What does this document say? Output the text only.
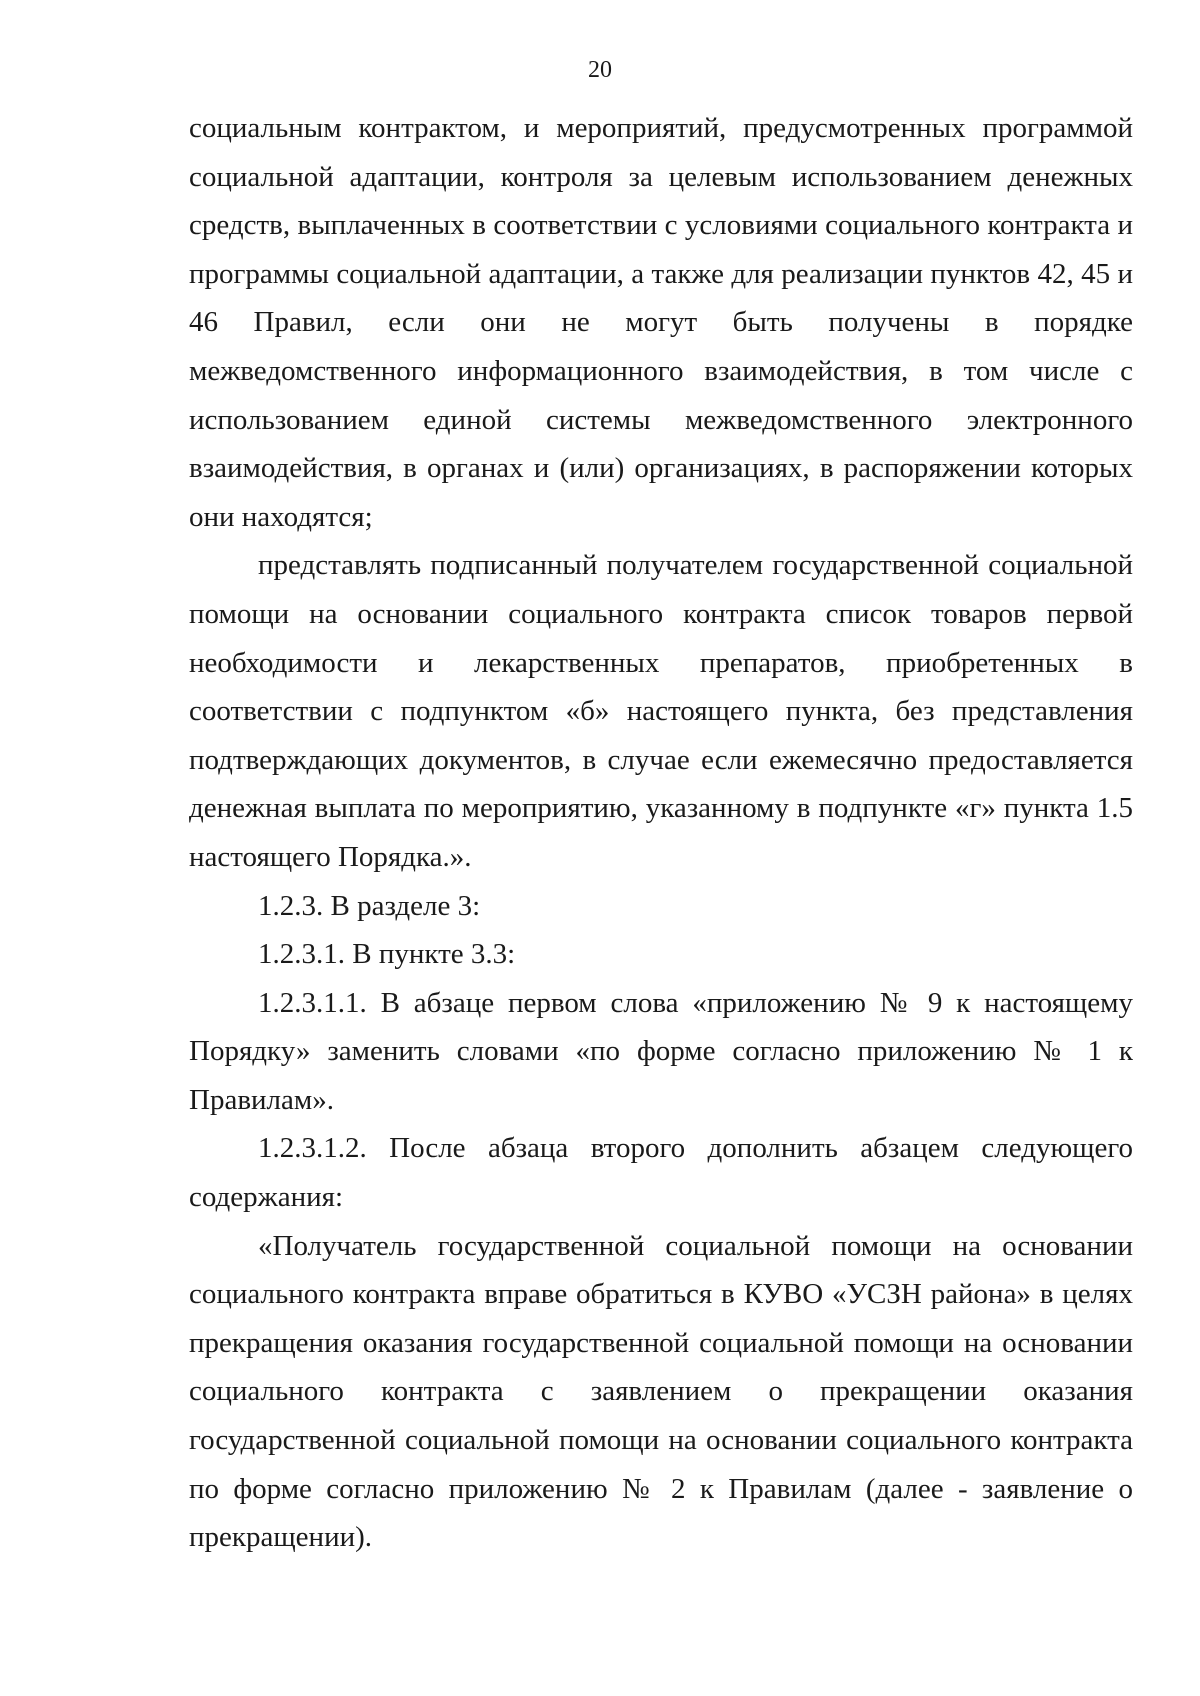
20

социальным контрактом, и мероприятий, предусмотренных программой социальной адаптации, контроля за целевым использованием денежных средств, выплаченных в соответствии с условиями социального контракта и программы социальной адаптации, а также для реализации пунктов 42, 45 и 46 Правил, если они не могут быть получены в порядке межведомственного информационного взаимодействия, в том числе с использованием единой системы межведомственного электронного взаимодействия, в органах и (или) организациях, в распоряжении которых они находятся;

представлять подписанный получателем государственной социальной помощи на основании социального контракта список товаров первой необходимости и лекарственных препаратов, приобретенных в соответствии с подпунктом «б» настоящего пункта, без представления подтверждающих документов, в случае если ежемесячно предоставляется денежная выплата по мероприятию, указанному в подпункте «г» пункта 1.5 настоящего Порядка.».

1.2.3. В разделе 3:

1.2.3.1. В пункте 3.3:

1.2.3.1.1. В абзаце первом слова «приложению № 9 к настоящему Порядку» заменить словами «по форме согласно приложению № 1 к Правилам».

1.2.3.1.2. После абзаца второго дополнить абзацем следующего содержания:

«Получатель государственной социальной помощи на основании социального контракта вправе обратиться в КУВО «УСЗН района» в целях прекращения оказания государственной социальной помощи на основании социального контракта с заявлением о прекращении оказания государственной социальной помощи на основании социального контракта по форме согласно приложению № 2 к Правилам (далее - заявление о прекращении).
